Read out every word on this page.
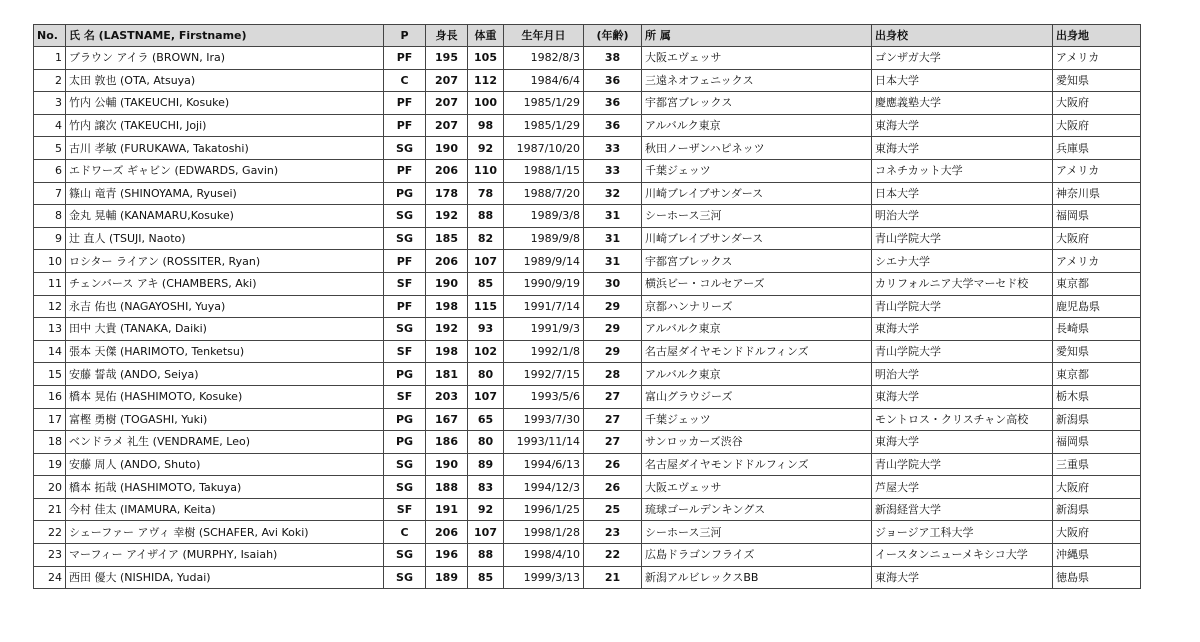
No.	氏 名 (LASTNAME, Firstname)	P	身長	体重	生年月日	(年齢)	所 属	出身校	出身地
1	ブラウン アイラ (BROWN, Ira)	PF	195	105	1982/8/3	38	大阪エヴェッサ	ゴンザガ大学	アメリカ
2	太田 敦也 (OTA, Atsuya)	C	207	112	1984/6/4	36	三遠ネオフェニックス	日本大学	愛知県
3	竹内 公輔 (TAKEUCHI, Kosuke)	PF	207	100	1985/1/29	36	宇都宮ブレックス	慶應義塾大学	大阪府
4	竹内 譲次 (TAKEUCHI, Joji)	PF	207	98	1985/1/29	36	アルバルク東京	東海大学	大阪府
5	古川 孝敏 (FURUKAWA, Takatoshi)	SG	190	92	1987/10/20	33	秋田ノーザンハピネッツ	東海大学	兵庫県
6	エドワーズ ギャビン (EDWARDS, Gavin)	PF	206	110	1988/1/15	33	千葉ジェッツ	コネチカット大学	アメリカ
7	篠山 竜青 (SHINOYAMA, Ryusei)	PG	178	78	1988/7/20	32	川崎ブレイブサンダース	日本大学	神奈川県
8	金丸 晃輔 (KANAMARU,Kosuke)	SG	192	88	1989/3/8	31	シーホース三河	明治大学	福岡県
9	辻 直人 (TSUJI, Naoto)	SG	185	82	1989/9/8	31	川崎ブレイブサンダース	青山学院大学	大阪府
10	ロシター ライアン (ROSSITER, Ryan)	PF	206	107	1989/9/14	31	宇都宮ブレックス	シエナ大学	アメリカ
11	チェンバース アキ (CHAMBERS, Aki)	SF	190	85	1990/9/19	30	横浜ビー・コルセアーズ	カリフォルニア大学マーセド校	東京都
12	永吉 佑也 (NAGAYOSHI, Yuya)	PF	198	115	1991/7/14	29	京都ハンナリーズ	青山学院大学	鹿児島県
13	田中 大貴 (TANAKA, Daiki)	SG	192	93	1991/9/3	29	アルバルク東京	東海大学	長崎県
14	張本 天傑 (HARIMOTO, Tenketsu)	SF	198	102	1992/1/8	29	名古屋ダイヤモンドドルフィンズ	青山学院大学	愛知県
15	安藤 誓哉 (ANDO, Seiya)	PG	181	80	1992/7/15	28	アルバルク東京	明治大学	東京都
16	橋本 晃佑 (HASHIMOTO, Kosuke)	SF	203	107	1993/5/6	27	富山グラウジーズ	東海大学	栃木県
17	富樫 勇樹 (TOGASHI, Yuki)	PG	167	65	1993/7/30	27	千葉ジェッツ	モントロス・クリスチャン高校	新潟県
18	ベンドラメ 礼生 (VENDRAME, Leo)	PG	186	80	1993/11/14	27	サンロッカーズ渋谷	東海大学	福岡県
19	安藤 周人 (ANDO, Shuto)	SG	190	89	1994/6/13	26	名古屋ダイヤモンドドルフィンズ	青山学院大学	三重県
20	橋本 拓哉 (HASHIMOTO, Takuya)	SG	188	83	1994/12/3	26	大阪エヴェッサ	芦屋大学	大阪府
21	今村 佳太 (IMAMURA, Keita)	SF	191	92	1996/1/25	25	琉球ゴールデンキングス	新潟経営大学	新潟県
22	シェーファー アヴィ 幸樹 (SCHAFER, Avi Koki)	C	206	107	1998/1/28	23	シーホース三河	ジョージア工科大学	大阪府
23	マーフィー アイザイア (MURPHY, Isaiah)	SG	196	88	1998/4/10	22	広島ドラゴンフライズ	イースタンニューメキシコ大学	沖縄県
24	西田 優大 (NISHIDA, Yudai)	SG	189	85	1999/3/13	21	新潟アルビレックスBB	東海大学	徳島県
